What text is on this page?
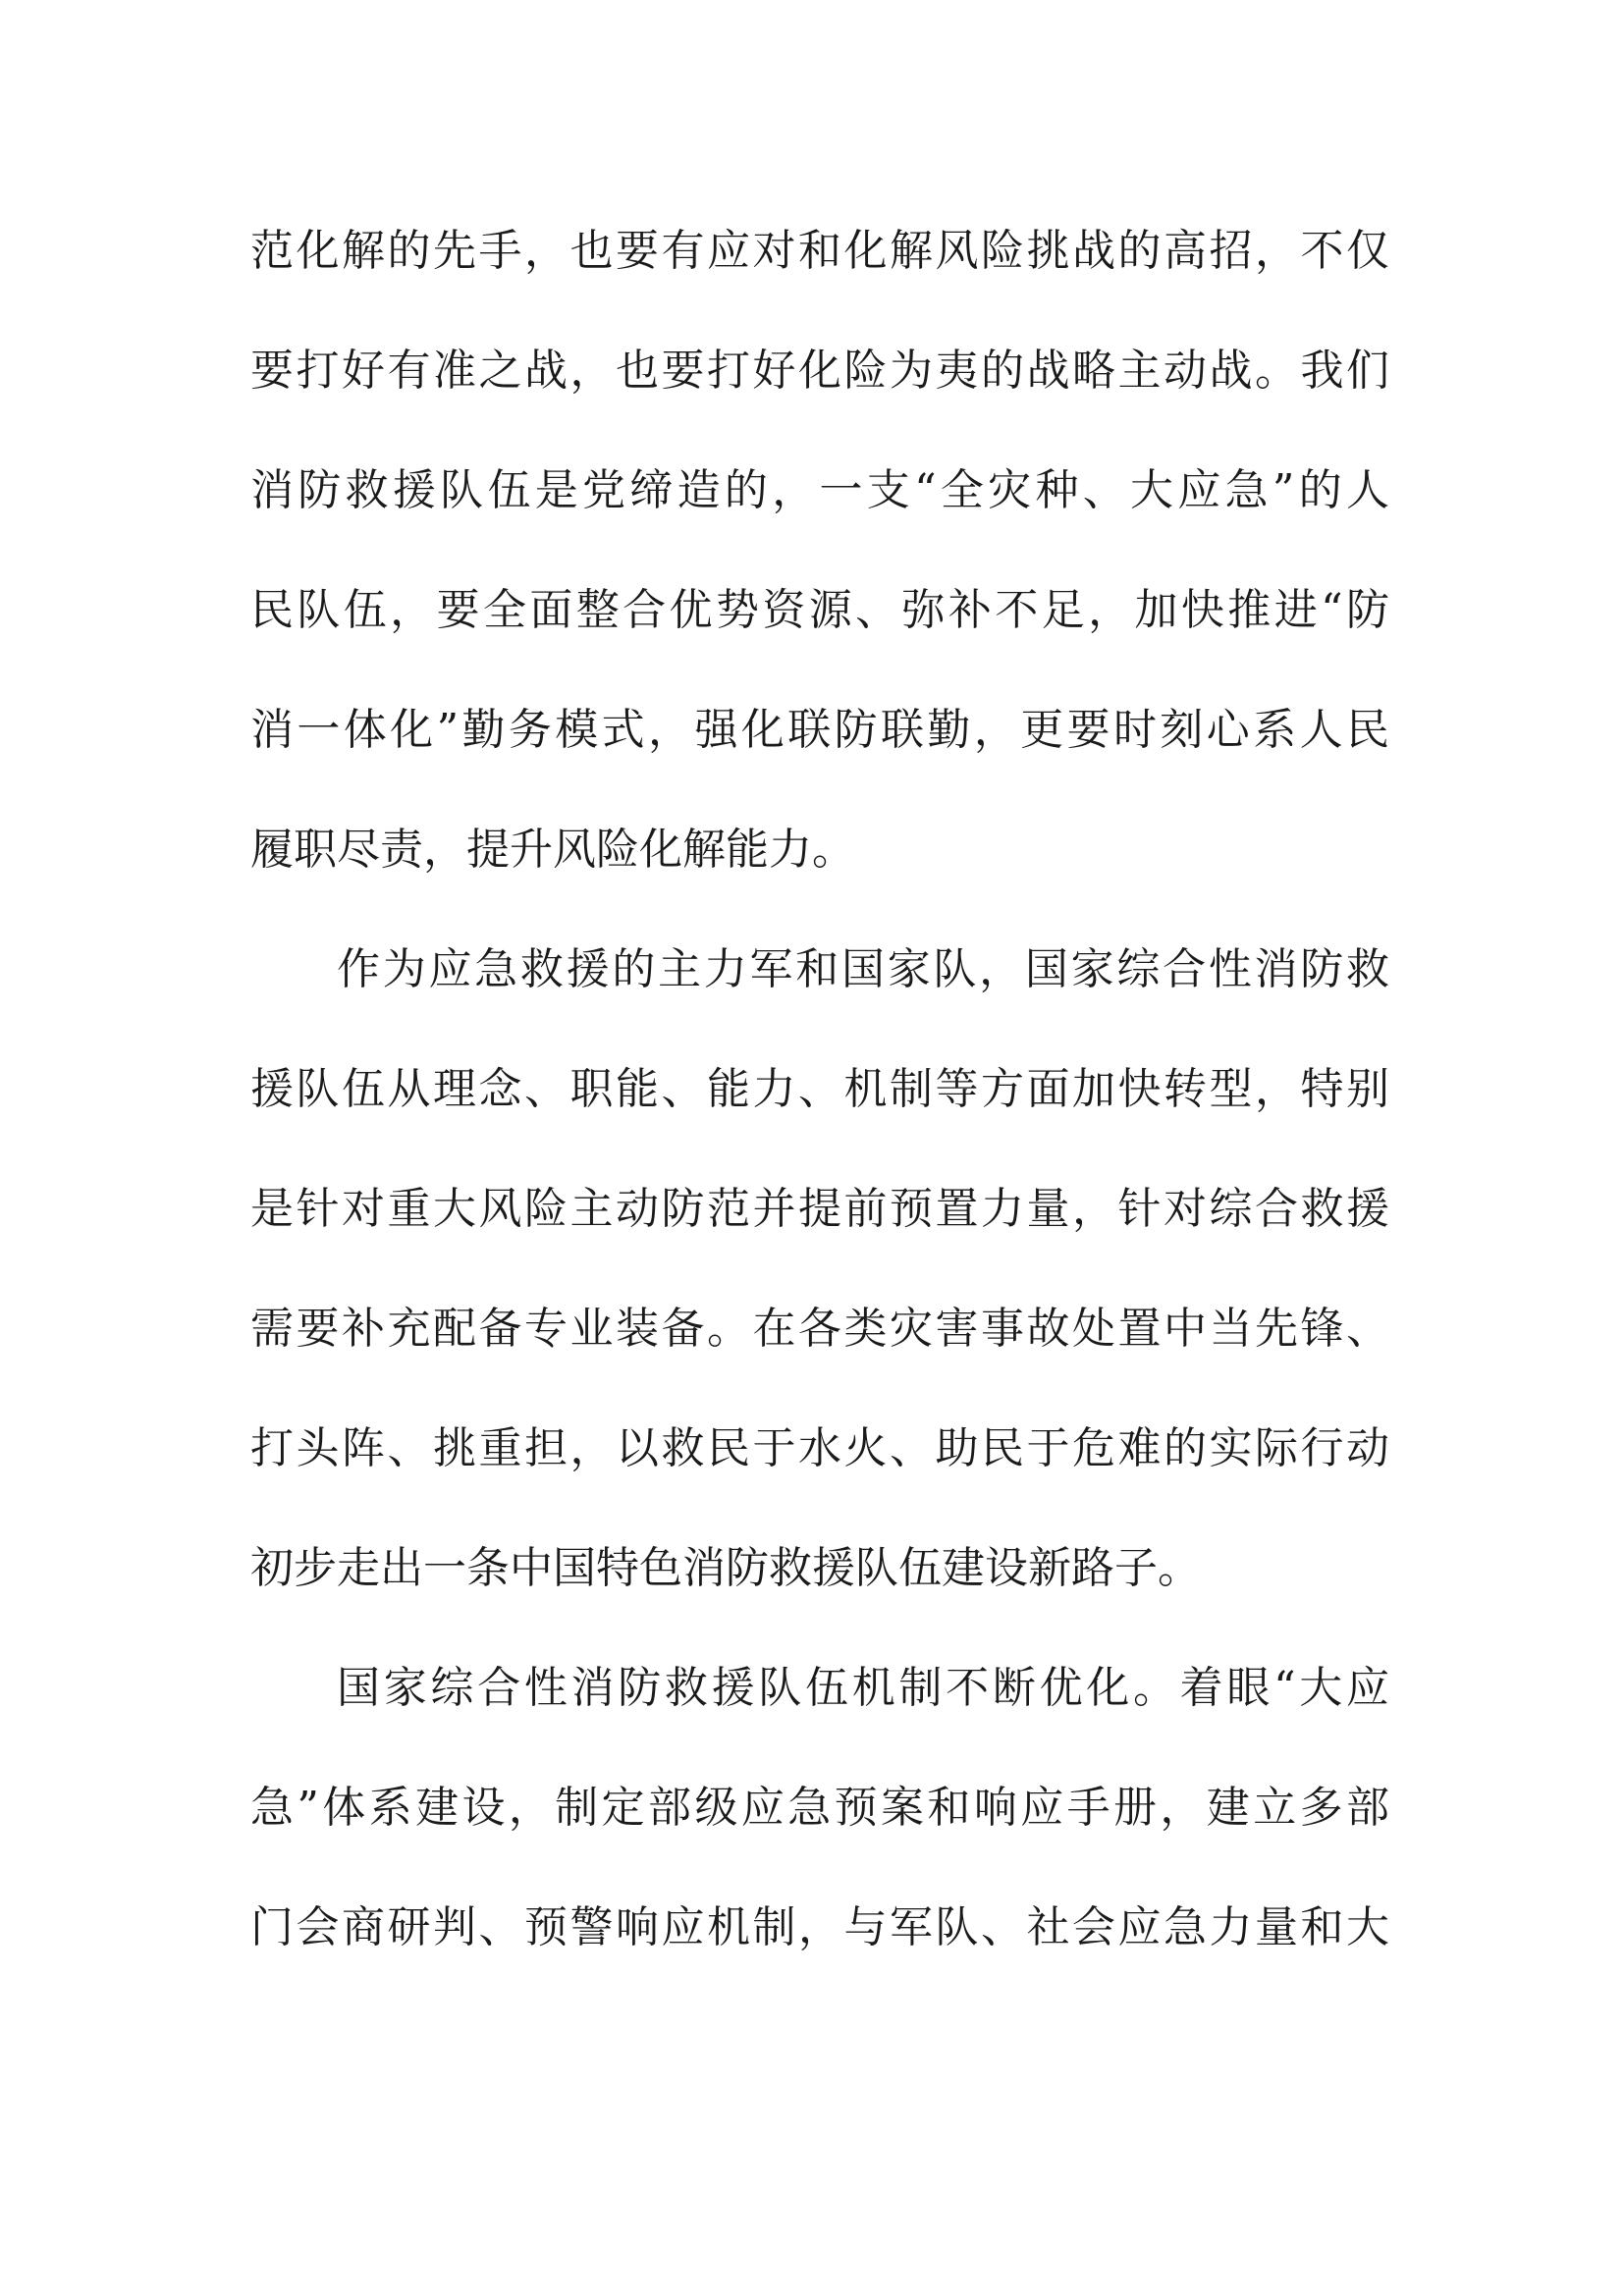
范化解的先手，也要有应对和化解风险挑战的高招，不仅
要打好有准之战，也要打好化险为夷的战略主动战。我们
消防救援队伍是党缔造的，一支“全灾种、大应急”的人
民队伍，要全面整合优势资源、弥补不足，加快推进“防
消一体化”勤务模式，强化联防联勤，更要时刻心系人民
履职尽责，提升风险化解能力。
作为应急救援的主力军和国家队，国家综合性消防救
援队伍从理念、职能、能力、机制等方面加快转型，特别
是针对重大风险主动防范并提前预置力量，针对综合救援
需要补充配备专业装备。在各类灾害事故处置中当先锋、
打头阵、挑重担，以救民于水火、助民于危难的实际行动
初步走出一条中国特色消防救援队伍建设新路子。
国家综合性消防救援队伍机制不断优化。着眼“大应
急”体系建设，制定部级应急预案和响应手册，建立多部
门会商研判、预警响应机制，与军队、社会应急力量和大
